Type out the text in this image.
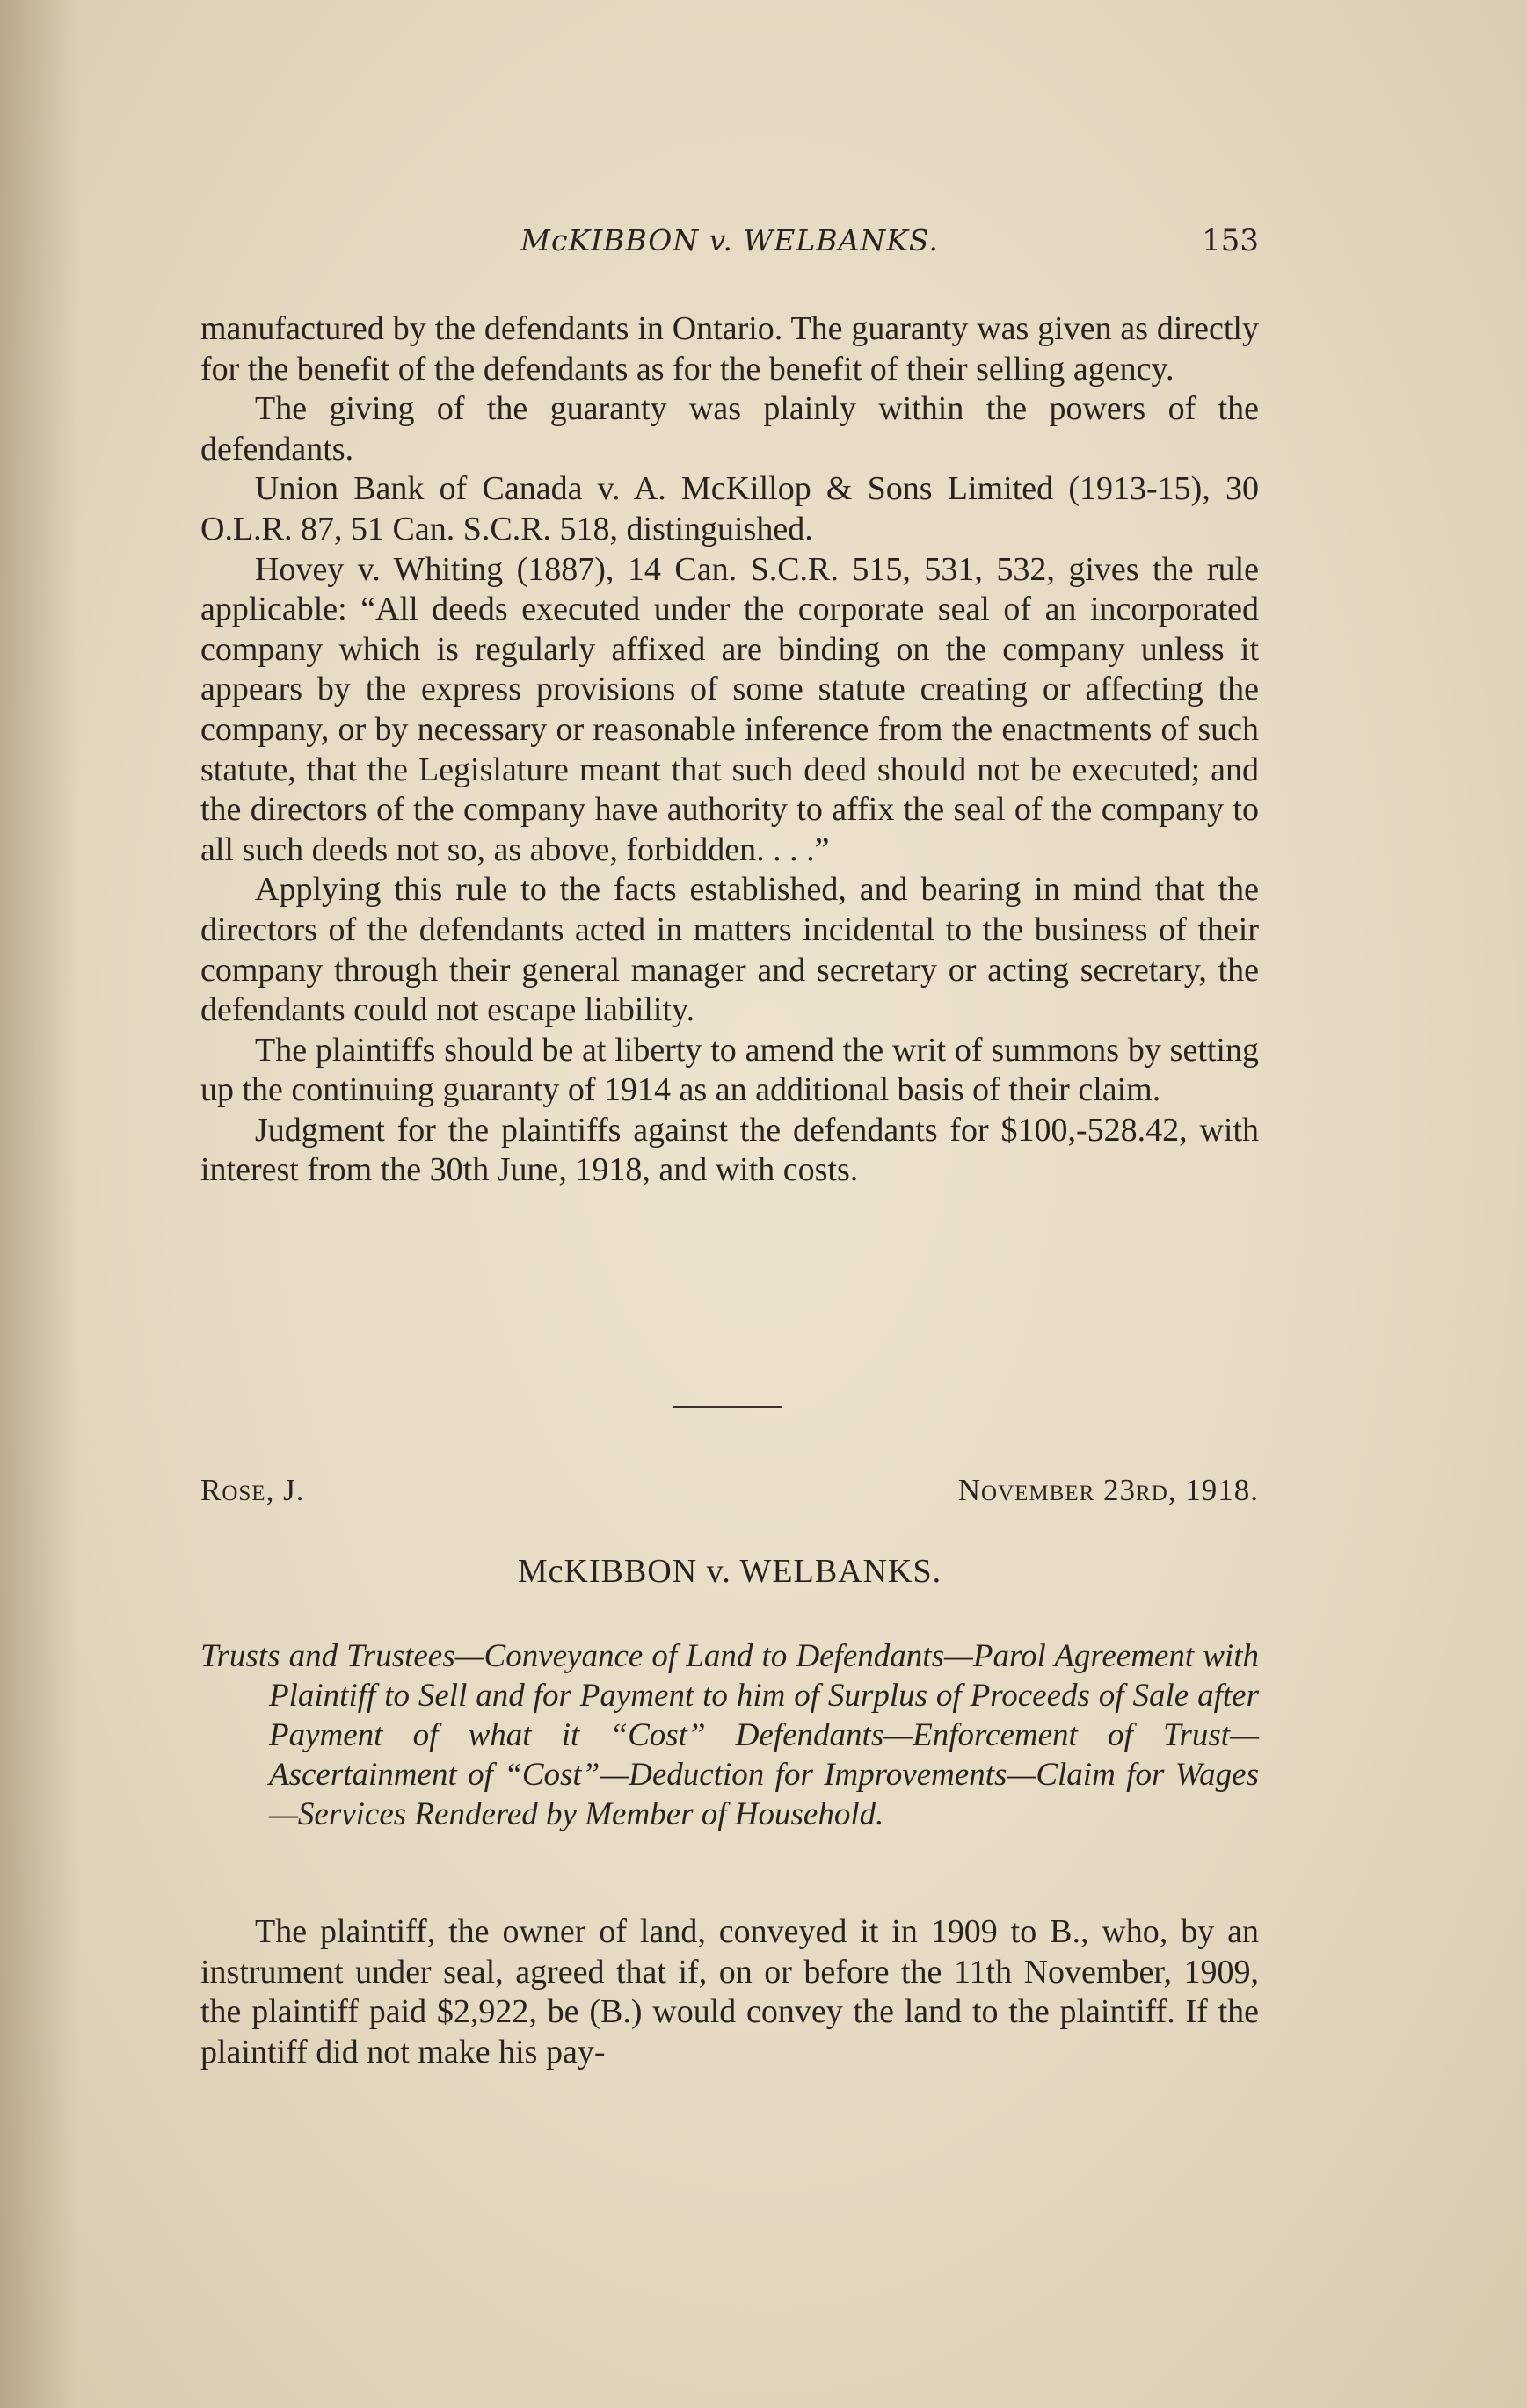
McKIBBON v. WELBANKS.	153

manufactured by the defendants in Ontario. The guaranty was given as directly for the benefit of the defendants as for the benefit of their selling agency.

The giving of the guaranty was plainly within the powers of the defendants.

Union Bank of Canada v. A. McKillop & Sons Limited (1913-15), 30 O.L.R. 87, 51 Can. S.C.R. 518, distinguished.

Hovey v. Whiting (1887), 14 Can. S.C.R. 515, 531, 532, gives the rule applicable: “All deeds executed under the corporate seal of an incorporated company which is regularly affixed are binding on the company unless it appears by the express provisions of some statute creating or affecting the company, or by necessary or reasonable inference from the enactments of such statute, that the Legislature meant that such deed should not be executed; and the directors of the company have authority to affix the seal of the company to all such deeds not so, as above, forbidden. . . .”

Applying this rule to the facts established, and bearing in mind that the directors of the defendants acted in matters incidental to the business of their company through their general manager and secretary or acting secretary, the defendants could not escape liability.

The plaintiffs should be at liberty to amend the writ of summons by setting up the continuing guaranty of 1914 as an additional basis of their claim.

Judgment for the plaintiffs against the defendants for $100,-528.42, with interest from the 30th June, 1918, and with costs.

Rose, J.	November 23rd, 1918.
McKIBBON v. WELBANKS.
Trusts and Trustees—Conveyance of Land to Defendants—Parol Agreement with Plaintiff to Sell and for Payment to him of Surplus of Proceeds of Sale after Payment of what it “Cost” Defendants—Enforcement of Trust—Ascertainment of “Cost”—Deduction for Improvements—Claim for Wages—Services Rendered by Member of Household.

The plaintiff, the owner of land, conveyed it in 1909 to B., who, by an instrument under seal, agreed that if, on or before the 11th November, 1909, the plaintiff paid $2,922, be (B.) would convey the land to the plaintiff. If the plaintiff did not make his pay-
